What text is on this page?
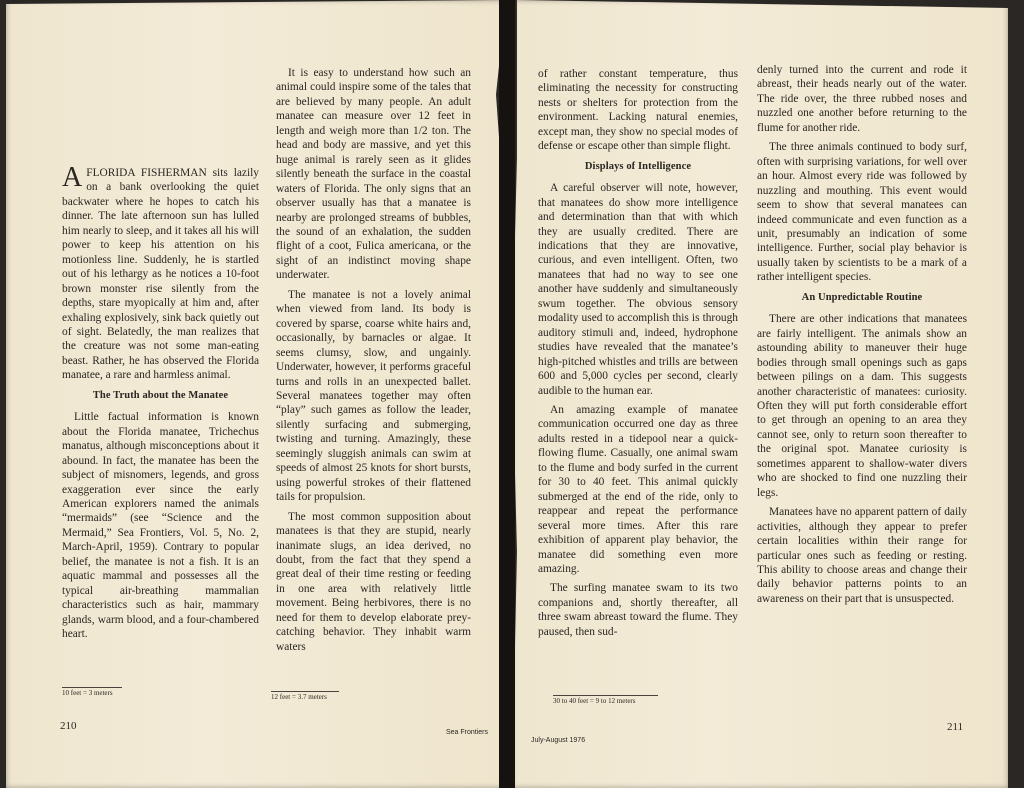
AFLORIDA FISHERMAN sits lazily on a bank overlooking the quiet backwater where he hopes to catch his dinner. The late afternoon sun has lulled him nearly to sleep, and it takes all his will power to keep his attention on his motionless line. Suddenly, he is startled out of his lethargy as he notices a 10-foot brown monster rise silently from the depths, stare myopically at him and, after exhaling explosively, sink back quietly out of sight. Belatedly, the man realizes that the creature was not some man-eating beast. Rather, he has observed the Florida manatee, a rare and harmless animal.

The Truth about the Manatee

Little factual information is known about the Florida manatee, Trichechus manatus, although misconceptions about it abound. In fact, the manatee has been the subject of misnomers, legends, and gross exaggeration ever since the early American explorers named the animals “mermaids” (see “Science and the Mermaid,” Sea Frontiers, Vol. 5, No. 2, March-April, 1959). Contrary to popular belief, the manatee is not a fish. It is an aquatic mammal and possesses all the typical air-breathing mammalian characteristics such as hair, mammary glands, warm blood, and a four-chambered heart.

10 feet = 3 meters

It is easy to understand how such an animal could inspire some of the tales that are believed by many people. An adult manatee can measure over 12 feet in length and weigh more than 1/2 ton. The head and body are massive, and yet this huge animal is rarely seen as it glides silently beneath the surface in the coastal waters of Florida. The only signs that an observer usually has that a manatee is nearby are prolonged streams of bubbles, the sound of an exhalation, the sudden flight of a coot, Fulica americana, or the sight of an indistinct moving shape underwater.

The manatee is not a lovely animal when viewed from land. Its body is covered by sparse, coarse white hairs and, occasionally, by barnacles or algae. It seems clumsy, slow, and ungainly. Underwater, however, it performs graceful turns and rolls in an unexpected ballet. Several manatees together may often “play” such games as follow the leader, silently surfacing and submerging, twisting and turning. Amazingly, these seemingly sluggish animals can swim at speeds of almost 25 knots for short bursts, using powerful strokes of their flattened tails for propulsion.

The most common supposition about manatees is that they are stupid, nearly inanimate slugs, an idea derived, no doubt, from the fact that they spend a great deal of their time resting or feeding in one area with relatively little movement. Being herbivores, there is no need for them to develop elaborate prey-catching behavior. They inhabit warm waters

12 feet = 3.7 meters
210
Sea Frontiers

of rather constant temperature, thus eliminating the necessity for constructing nests or shelters for protection from the environment. Lacking natural enemies, except man, they show no special modes of defense or escape other than simple flight.

Displays of Intelligence

A careful observer will note, however, that manatees do show more intelligence and determination than that with which they are usually credited. There are indications that they are innovative, curious, and even intelligent. Often, two manatees that had no way to see one another have suddenly and simultaneously swum together. The obvious sensory modality used to accomplish this is through auditory stimuli and, indeed, hydrophone studies have revealed that the manatee’s high-pitched whistles and trills are between 600 and 5,000 cycles per second, clearly audible to the human ear.

An amazing example of manatee communication occurred one day as three adults rested in a tidepool near a quick-flowing flume. Casually, one animal swam to the flume and body surfed in the current for 30 to 40 feet. This animal quickly submerged at the end of the ride, only to reappear and repeat the performance several more times. After this rare exhibition of apparent play behavior, the manatee did something even more amazing.

The surfing manatee swam to its two companions and, shortly thereafter, all three swam abreast toward the flume. They paused, then sud-

30 to 40 feet = 9 to 12 meters

denly turned into the current and rode it abreast, their heads nearly out of the water. The ride over, the three rubbed noses and nuzzled one another before returning to the flume for another ride.

The three animals continued to body surf, often with surprising variations, for well over an hour. Almost every ride was followed by nuzzling and mouthing. This event would seem to show that several manatees can indeed communicate and even function as a unit, presumably an indication of some intelligence. Further, social play behavior is usually taken by scientists to be a mark of a rather intelligent species.

An Unpredictable Routine

There are other indications that manatees are fairly intelligent. The animals show an astounding ability to maneuver their huge bodies through small openings such as gaps between pilings on a dam. This suggests another characteristic of manatees: curiosity. Often they will put forth considerable effort to get through an opening to an area they cannot see, only to return soon thereafter to the original spot. Manatee curiosity is sometimes apparent to shallow-water divers who are shocked to find one nuzzling their legs.

Manatees have no apparent pattern of daily activities, although they appear to prefer certain localities within their range for particular ones such as feeding or resting. This ability to choose areas and change their daily behavior patterns points to an awareness on their part that is unsuspected.

July-August 1976
211
